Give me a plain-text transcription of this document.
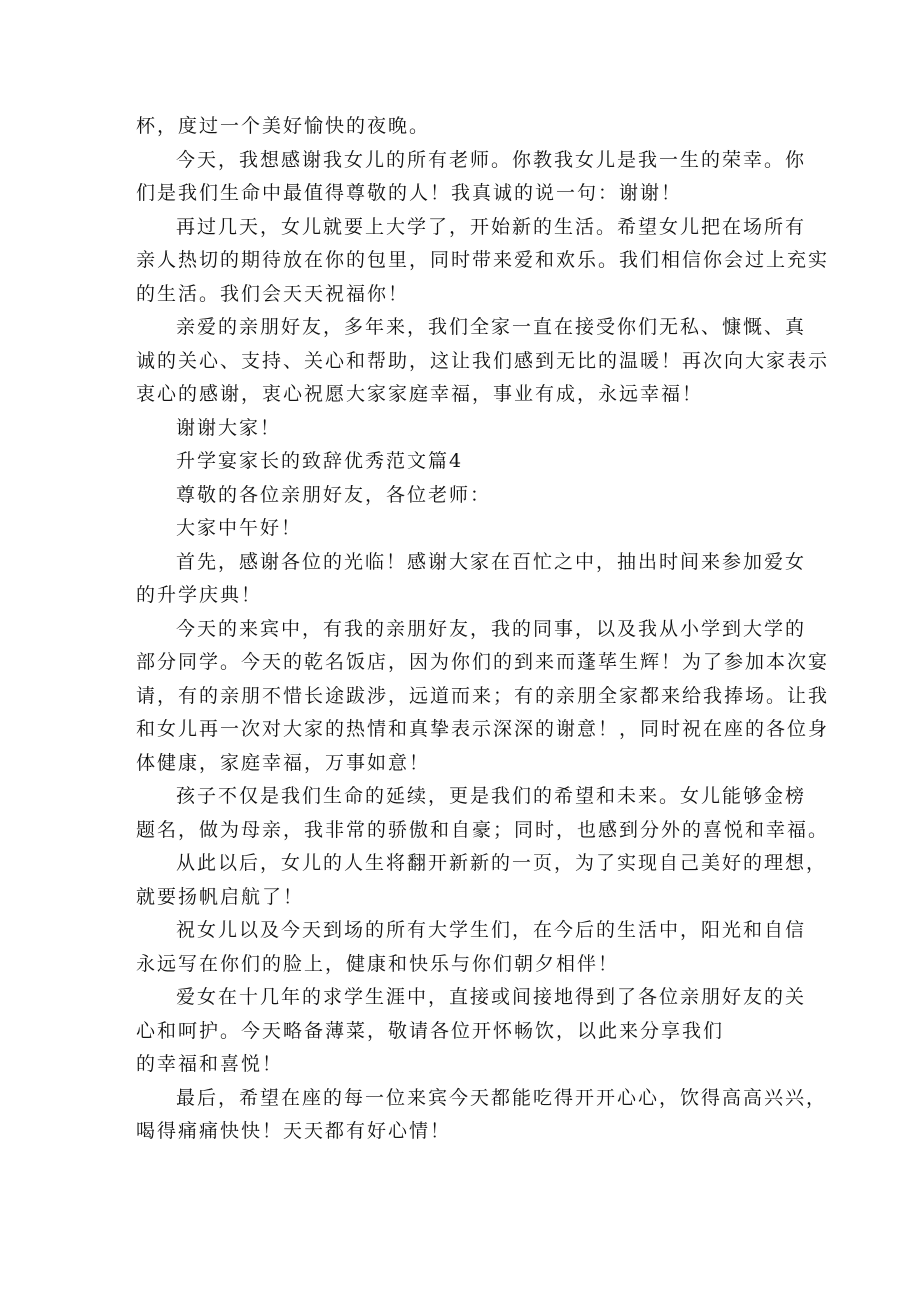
杯，度过一个美好愉快的夜晚。
今天，我想感谢我女儿的所有老师。你教我女儿是我一生的荣幸。你
们是我们生命中最值得尊敬的人！我真诚的说一句：谢谢！
再过几天，女儿就要上大学了，开始新的生活。希望女儿把在场所有
亲人热切的期待放在你的包里，同时带来爱和欢乐。我们相信你会过上充实
的生活。我们会天天祝福你！
亲爱的亲朋好友，多年来，我们全家一直在接受你们无私、慷慨、真
诚的关心、支持、关心和帮助，这让我们感到无比的温暖！再次向大家表示
衷心的感谢，衷心祝愿大家家庭幸福，事业有成，永远幸福！
谢谢大家！
升学宴家长的致辞优秀范文篇4
尊敬的各位亲朋好友，各位老师：
大家中午好！
首先，感谢各位的光临！感谢大家在百忙之中，抽出时间来参加爱女
的升学庆典！
今天的来宾中，有我的亲朋好友，我的同事，以及我从小学到大学的
部分同学。今天的乾名饭店，因为你们的到来而蓬荜生辉！为了参加本次宴
请，有的亲朋不惜长途跋涉，远道而来；有的亲朋全家都来给我捧场。让我
和女儿再一次对大家的热情和真挚表示深深的谢意！，同时祝在座的各位身
体健康，家庭幸福，万事如意！
孩子不仅是我们生命的延续，更是我们的希望和未来。女儿能够金榜
题名，做为母亲，我非常的骄傲和自豪；同时，也感到分外的喜悦和幸福。
从此以后，女儿的人生将翻开新新的一页，为了实现自己美好的理想，
就要扬帆启航了！
祝女儿以及今天到场的所有大学生们，在今后的生活中，阳光和自信
永远写在你们的脸上，健康和快乐与你们朝夕相伴！
爱女在十几年的求学生涯中，直接或间接地得到了各位亲朋好友的关
心和呵护。今天略备薄菜，敬请各位开怀畅饮，以此来分享我们
的幸福和喜悦！
最后，希望在座的每一位来宾今天都能吃得开开心心，饮得高高兴兴，
喝得痛痛快快！天天都有好心情！
